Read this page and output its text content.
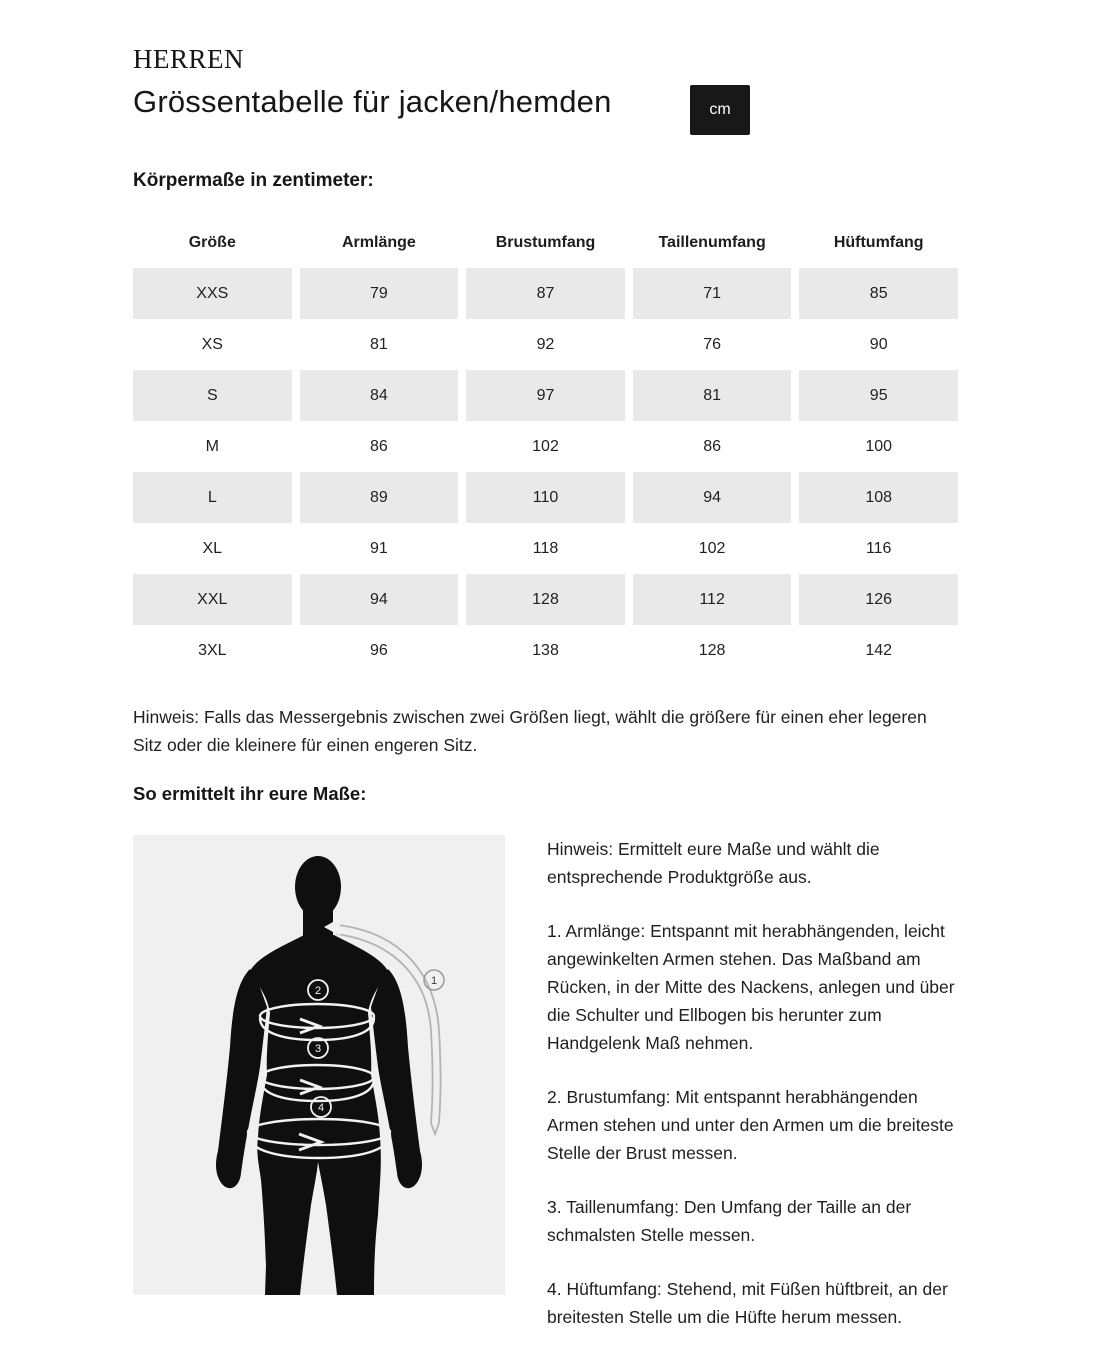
HERREN
Grössentabelle für jacken/hemden	cm
Körpermaße in zentimeter:
Größe	Armlänge	Brustumfang	Taillenumfang	Hüftumfang
XXS	79	87	71	85
XS	81	92	76	90
S	84	97	81	95
M	86	102	86	100
L	89	110	94	108
XL	91	118	102	116
XXL	94	128	112	126
3XL	96	138	128	142
Hinweis: Falls das Messergebnis zwischen zwei Größen liegt, wählt die größere für einen eher legeren Sitz oder die kleinere für einen engeren Sitz.
So ermittelt ihr eure Maße:
1
2
3
4

Hinweis: Ermittelt eure Maße und wählt die entsprechende Produktgröße aus.

1. Armlänge: Entspannt mit herabhängenden, leicht angewinkelten Armen stehen. Das Maßband am Rücken, in der Mitte des Nackens, anlegen und über die Schulter und Ellbogen bis herunter zum Handgelenk Maß nehmen.

2. Brustumfang: Mit entspannt herabhängenden Armen stehen und unter den Armen um die breiteste Stelle der Brust messen.

3. Taillenumfang: Den Umfang der Taille an der schmalsten Stelle messen.

4. Hüftumfang: Stehend, mit Füßen hüftbreit, an der breitesten Stelle um die Hüfte herum messen.
